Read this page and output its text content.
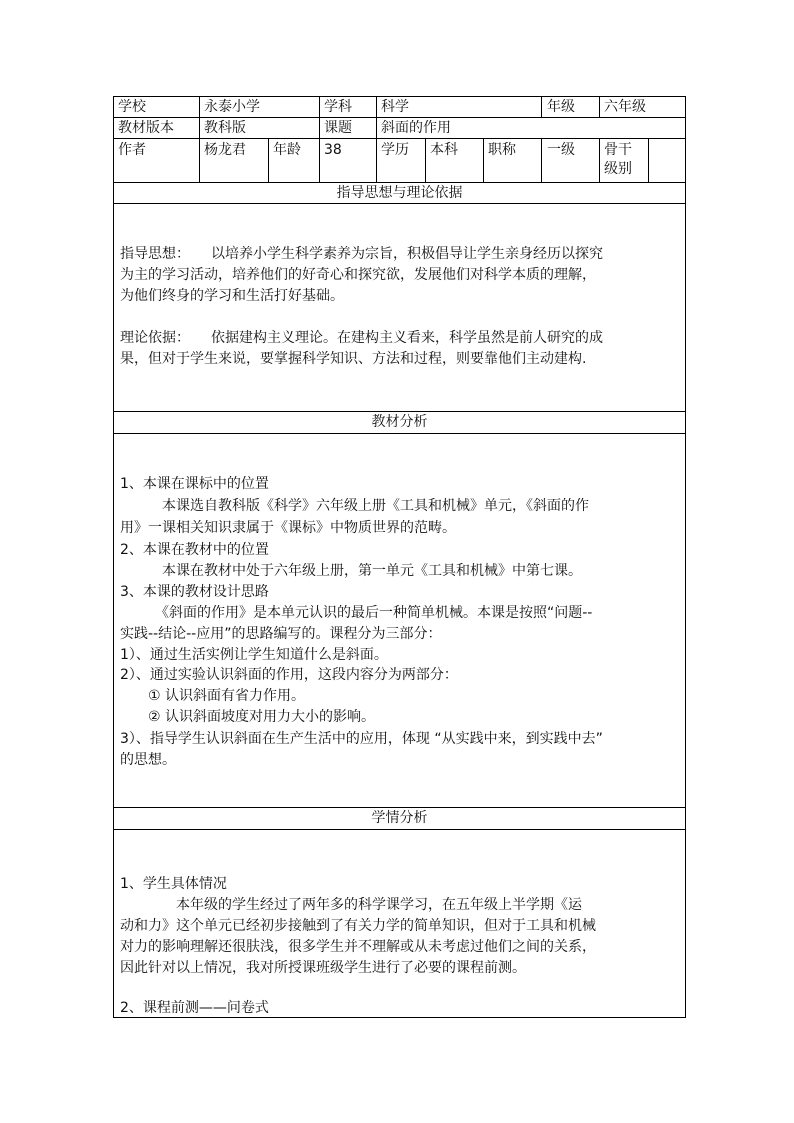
学校	永泰小学	学科 科学	年级 六年级
教材版本 教科版	课题 斜面的作用
作者	杨龙君 年龄 38	学历 本科 职称 一级 骨干
级别
指导思想与理论依据
指导思想：　　以培养小学生科学素养为宗旨，积极倡导让学生亲身经历以探究
为主的学习活动，培养他们的好奇心和探究欲，发展他们对科学本质的理解，
为他们终身的学习和生活打好基础。
理论依据：　　依据建构主义理论。在建构主义看来，科学虽然是前人研究的成
果，但对于学生来说，要掌握科学知识、方法和过程，则要靠他们主动建构.
教材分析
1、本课在课标中的位置
　　　本课选自教科版《科学》六年级上册《工具和机械》单元，《斜面的作
用》一课相关知识隶属于《课标》中物质世界的范畴。
2、本课在教材中的位置
　　　本课在教材中处于六年级上册，第一单元《工具和机械》中第七课。
3、本课的教材设计思路
　　　《斜面的作用》是本单元认识的最后一种简单机械。本课是按照“问题--
实践--结论--应用”的思路编写的。课程分为三部分：
1）、通过生活实例让学生知道什么是斜面。
2）、通过实验认识斜面的作用，这段内容分为两部分：
　　① 认识斜面有省力作用。
　　② 认识斜面坡度对用力大小的影响。
3）、指导学生认识斜面在生产生活中的应用，体现 “从实践中来，到实践中去”
的思想。
学情分析
1、学生具体情况
　　　　本年级的学生经过了两年多的科学课学习，在五年级上半学期《运
动和力》这个单元已经初步接触到了有关力学的简单知识，但对于工具和机械
对力的影响理解还很肤浅，很多学生并不理解或从未考虑过他们之间的关系，
因此针对以上情况，我对所授课班级学生进行了必要的课程前测。
2、课程前测——问卷式
